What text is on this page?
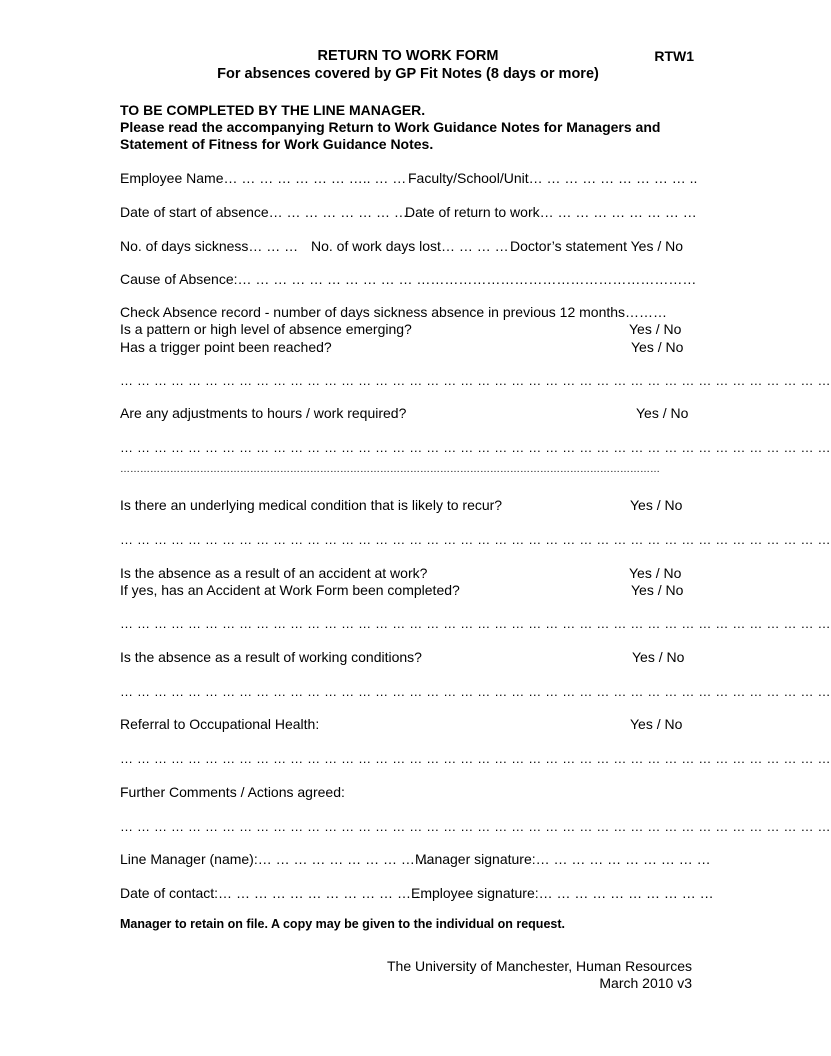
RETURN TO WORK FORM	RTW1
For absences covered by GP Fit Notes (8 days or more)
TO BE COMPLETED BY THE LINE MANAGER.
Please read the accompanying Return to Work Guidance Notes for Managers and
Statement of Fitness for Work Guidance Notes.
Employee Name… … … … … … … ….. … … Faculty/School/Unit… … … … … … … … … ..
Date of start of absence… … … … … … … …
Date of return to work… … … … … … … … …
No. of days sickness… … … No. of work days lost… … … … Doctor’s statement Yes / No
Cause of Absence:… … … … … … … … … … ……………………………………………………
Check Absence record - number of days sickness absence in previous 12 months………
Is a pattern or high level of absence emerging?	Yes / No
Has a trigger point been reached?	Yes / No
… … … … … … … … … … … … … … … … … … … … … … … … … … … … … … … … … … … … … … … … … …
Are any adjustments to hours / work required?	Yes / No
… … … … … … … … … … … … … … … … … … … … … … … … … … … … … … … … … … … … … … … … … …
………………………………………………………………………………………………………………………………………………
Is there an underlying medical condition that is likely to recur?	Yes / No
… … … … … … … … … … … … … … … … … … … … … … … … … … … … … … … … … … … … … … … … … …
Is the absence as a result of an accident at work?	Yes / No
If yes, has an Accident at Work Form been completed?	Yes / No
… … … … … … … … … … … … … … … … … … … … … … … … … … … … … … … … … … … … … … … … … …
Is the absence as a result of working conditions?	Yes / No
… … … … … … … … … … … … … … … … … … … … … … … … … … … … … … … … … … … … … … … … … …
Referral to Occupational Health:	Yes / No
… … … … … … … … … … … … … … … … … … … … … … … … … … … … … … … … … … … … … … … … … …
Further Comments / Actions agreed:
… … … … … … … … … … … … … … … … … … … … … … … … … … … … … … … … … … … … … … … … … …
Line Manager (name):… … … … … … … … … …
Manager signature:… … … … … … … … … …
Date of contact:… … … … … … … … … … … …
Employee signature:… … … … … … … … … …
Manager to retain on file. A copy may be given to the individual on request.
The University of Manchester, Human Resources
March 2010 v3
